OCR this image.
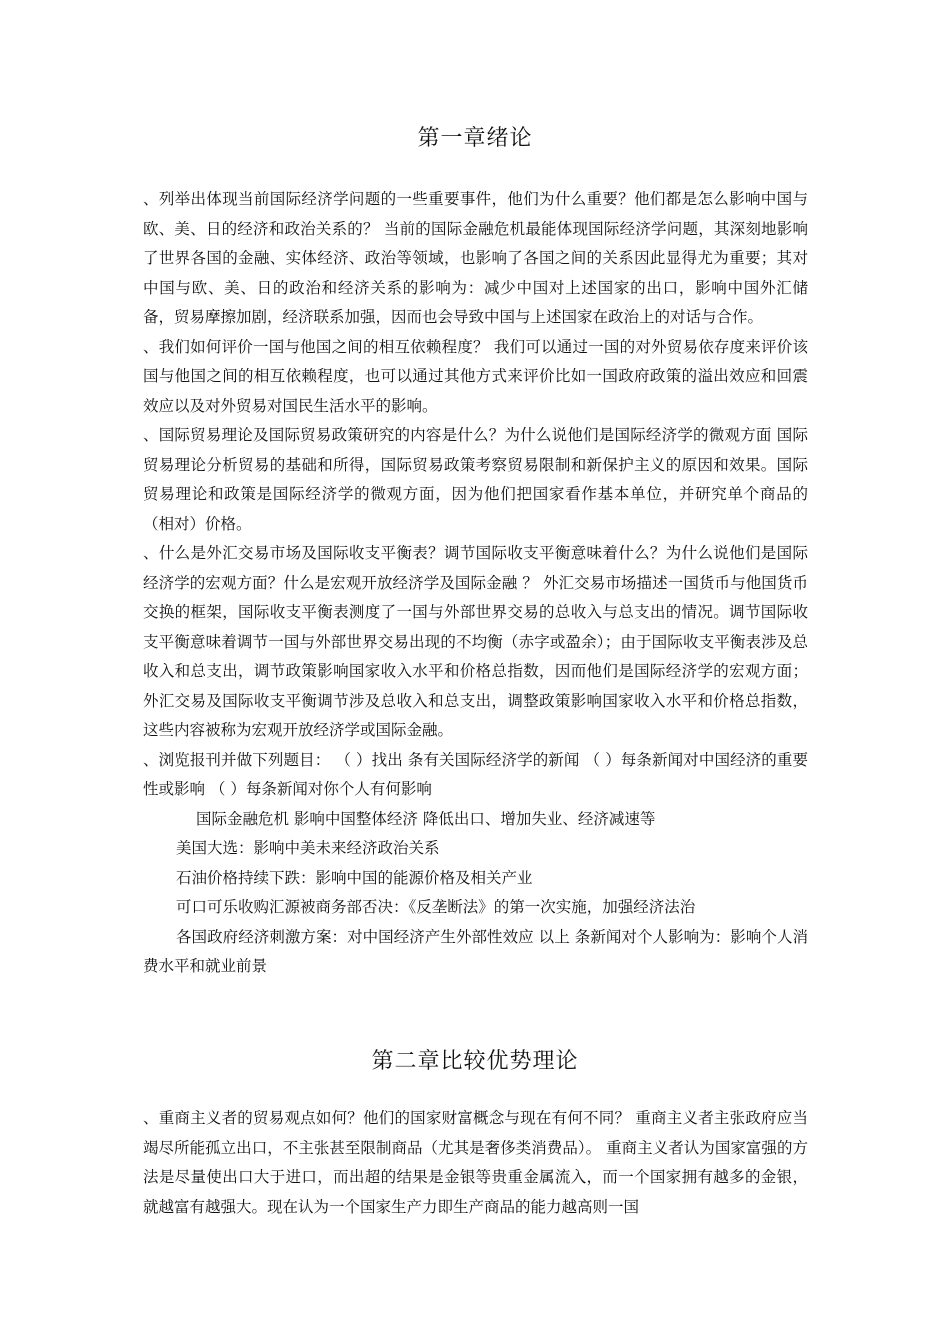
第一章绪论

、列举出体现当前国际经济学问题的一些重要事件，他们为什么重要？他们都是怎么影响中国与欧、美、日的经济和政治关系的？ 当前的国际金融危机最能体现国际经济学问题，其深刻地影响了世界各国的金融、实体经济、政治等领域，也影响了各国之间的关系因此显得尤为重要；其对中国与欧、美、日的政治和经济关系的影响为：减少中国对上述国家的出口，影响中国外汇储备，贸易摩擦加剧，经济联系加强，因而也会导致中国与上述国家在政治上的对话与合作。

、我们如何评价一国与他国之间的相互依赖程度？ 我们可以通过一国的对外贸易依存度来评价该国与他国之间的相互依赖程度，也可以通过其他方式来评价比如一国政府政策的溢出效应和回震效应以及对外贸易对国民生活水平的影响。

、国际贸易理论及国际贸易政策研究的内容是什么？为什么说他们是国际经济学的微观方面 国际贸易理论分析贸易的基础和所得，国际贸易政策考察贸易限制和新保护主义的原因和效果。国际贸易理论和政策是国际经济学的微观方面，因为他们把国家看作基本单位，并研究单个商品的（相对）价格。

、什么是外汇交易市场及国际收支平衡表？调节国际收支平衡意味着什么？为什么说他们是国际经济学的宏观方面？什么是宏观开放经济学及国际金融 ？ 外汇交易市场描述一国货币与他国货币交换的框架，国际收支平衡表测度了一国与外部世界交易的总收入与总支出的情况。调节国际收支平衡意味着调节一国与外部世界交易出现的不均衡（赤字或盈余）；由于国际收支平衡表涉及总收入和总支出，调节政策影响国家收入水平和价格总指数，因而他们是国际经济学的宏观方面；外汇交易及国际收支平衡调节涉及总收入和总支出，调整政策影响国家收入水平和价格总指数，这些内容被称为宏观开放经济学或国际金融。

、浏览报刊并做下列题目： （ ）找出 条有关国际经济学的新闻 （ ）每条新闻对中国经济的重要性或影响 （ ）每条新闻对你个人有何影响

国际金融危机 影响中国整体经济 降低出口、增加失业、经济减速等

美国大选：影响中美未来经济政治关系

石油价格持续下跌：影响中国的能源价格及相关产业

可口可乐收购汇源被商务部否决：《反垄断法》的第一次实施，加强经济法治

各国政府经济刺激方案：对中国经济产生外部性效应 以上 条新闻对个人影响为：影响个人消费水平和就业前景

第二章比较优势理论

、重商主义者的贸易观点如何？他们的国家财富概念与现在有何不同？ 重商主义者主张政府应当竭尽所能孤立出口，不主张甚至限制商品（尤其是奢侈类消费品）。 重商主义者认为国家富强的方法是尽量使出口大于进口，而出超的结果是金银等贵重金属流入，而一个国家拥有越多的金银，就越富有越强大。现在认为一个国家生产力即生产商品的能力越高则一国
